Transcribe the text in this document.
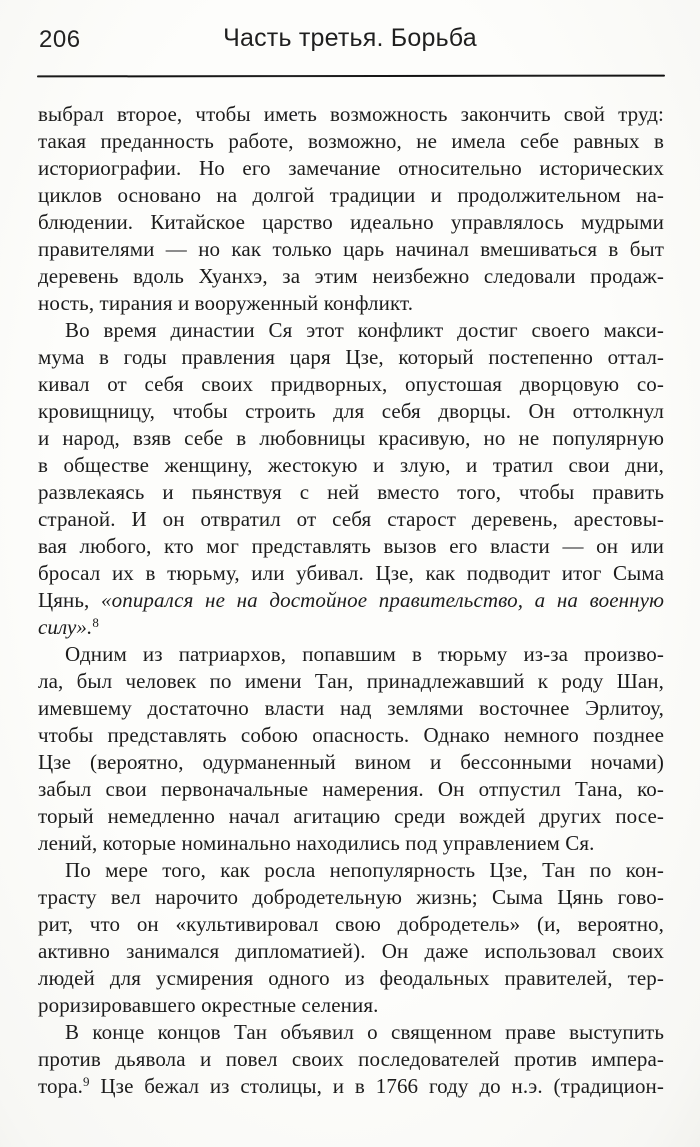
206	Часть третья. Борьба
выбрал второе, чтобы иметь возможность закончить свой труд:
такая преданность работе, возможно, не имела себе равных в
историографии. Но его замечание относительно исторических
циклов основано на долгой традиции и продолжительном на-
блюдении. Китайское царство идеально управлялось мудрыми
правителями — но как только царь начинал вмешиваться в быт
деревень вдоль Хуанхэ, за этим неизбежно следовали продаж-
ность, тирания и вооруженный конфликт.
Во время династии Ся этот конфликт достиг своего макси-
мума в годы правления царя Цзе, который постепенно оттал-
кивал от себя своих придворных, опустошая дворцовую со-
кровищницу, чтобы строить для себя дворцы. Он оттолкнул
и народ, взяв себе в любовницы красивую, но не популярную
в обществе женщину, жестокую и злую, и тратил свои дни,
развлекаясь и пьянствуя с ней вместо того, чтобы править
страной. И он отвратил от себя старост деревень, арестовы-
вая любого, кто мог представлять вызов его власти — он или
бросал их в тюрьму, или убивал. Цзе, как подводит итог Сыма
Цянь, «опирался не на достойное правительство, а на военную
силу».$^8$
Одним из патриархов, попавшим в тюрьму из-за произво-
ла, был человек по имени Тан, принадлежавший к роду Шан,
имевшему достаточно власти над землями восточнее Эрлитоу,
чтобы представлять собою опасность. Однако немного позднее
Цзе (вероятно, одурманенный вином и бессонными ночами)
забыл свои первоначальные намерения. Он отпустил Тана, ко-
торый немедленно начал агитацию среди вождей других посе-
лений, которые номинально находились под управлением Ся.
По мере того, как росла непопулярность Цзе, Тан по кон-
трасту вел нарочито добродетельную жизнь; Сыма Цянь гово-
рит, что он «культивировал свою добродетель» (и, вероятно,
активно занимался дипломатией). Он даже использовал своих
людей для усмирения одного из феодальных правителей, тер-
роризировавшего окрестные селения.
В конце концов Тан объявил о священном праве выступить
против дьявола и повел своих последователей против импера-
тора.$^9$ Цзе бежал из столицы, и в 1766 году до н.э. (традицион-
